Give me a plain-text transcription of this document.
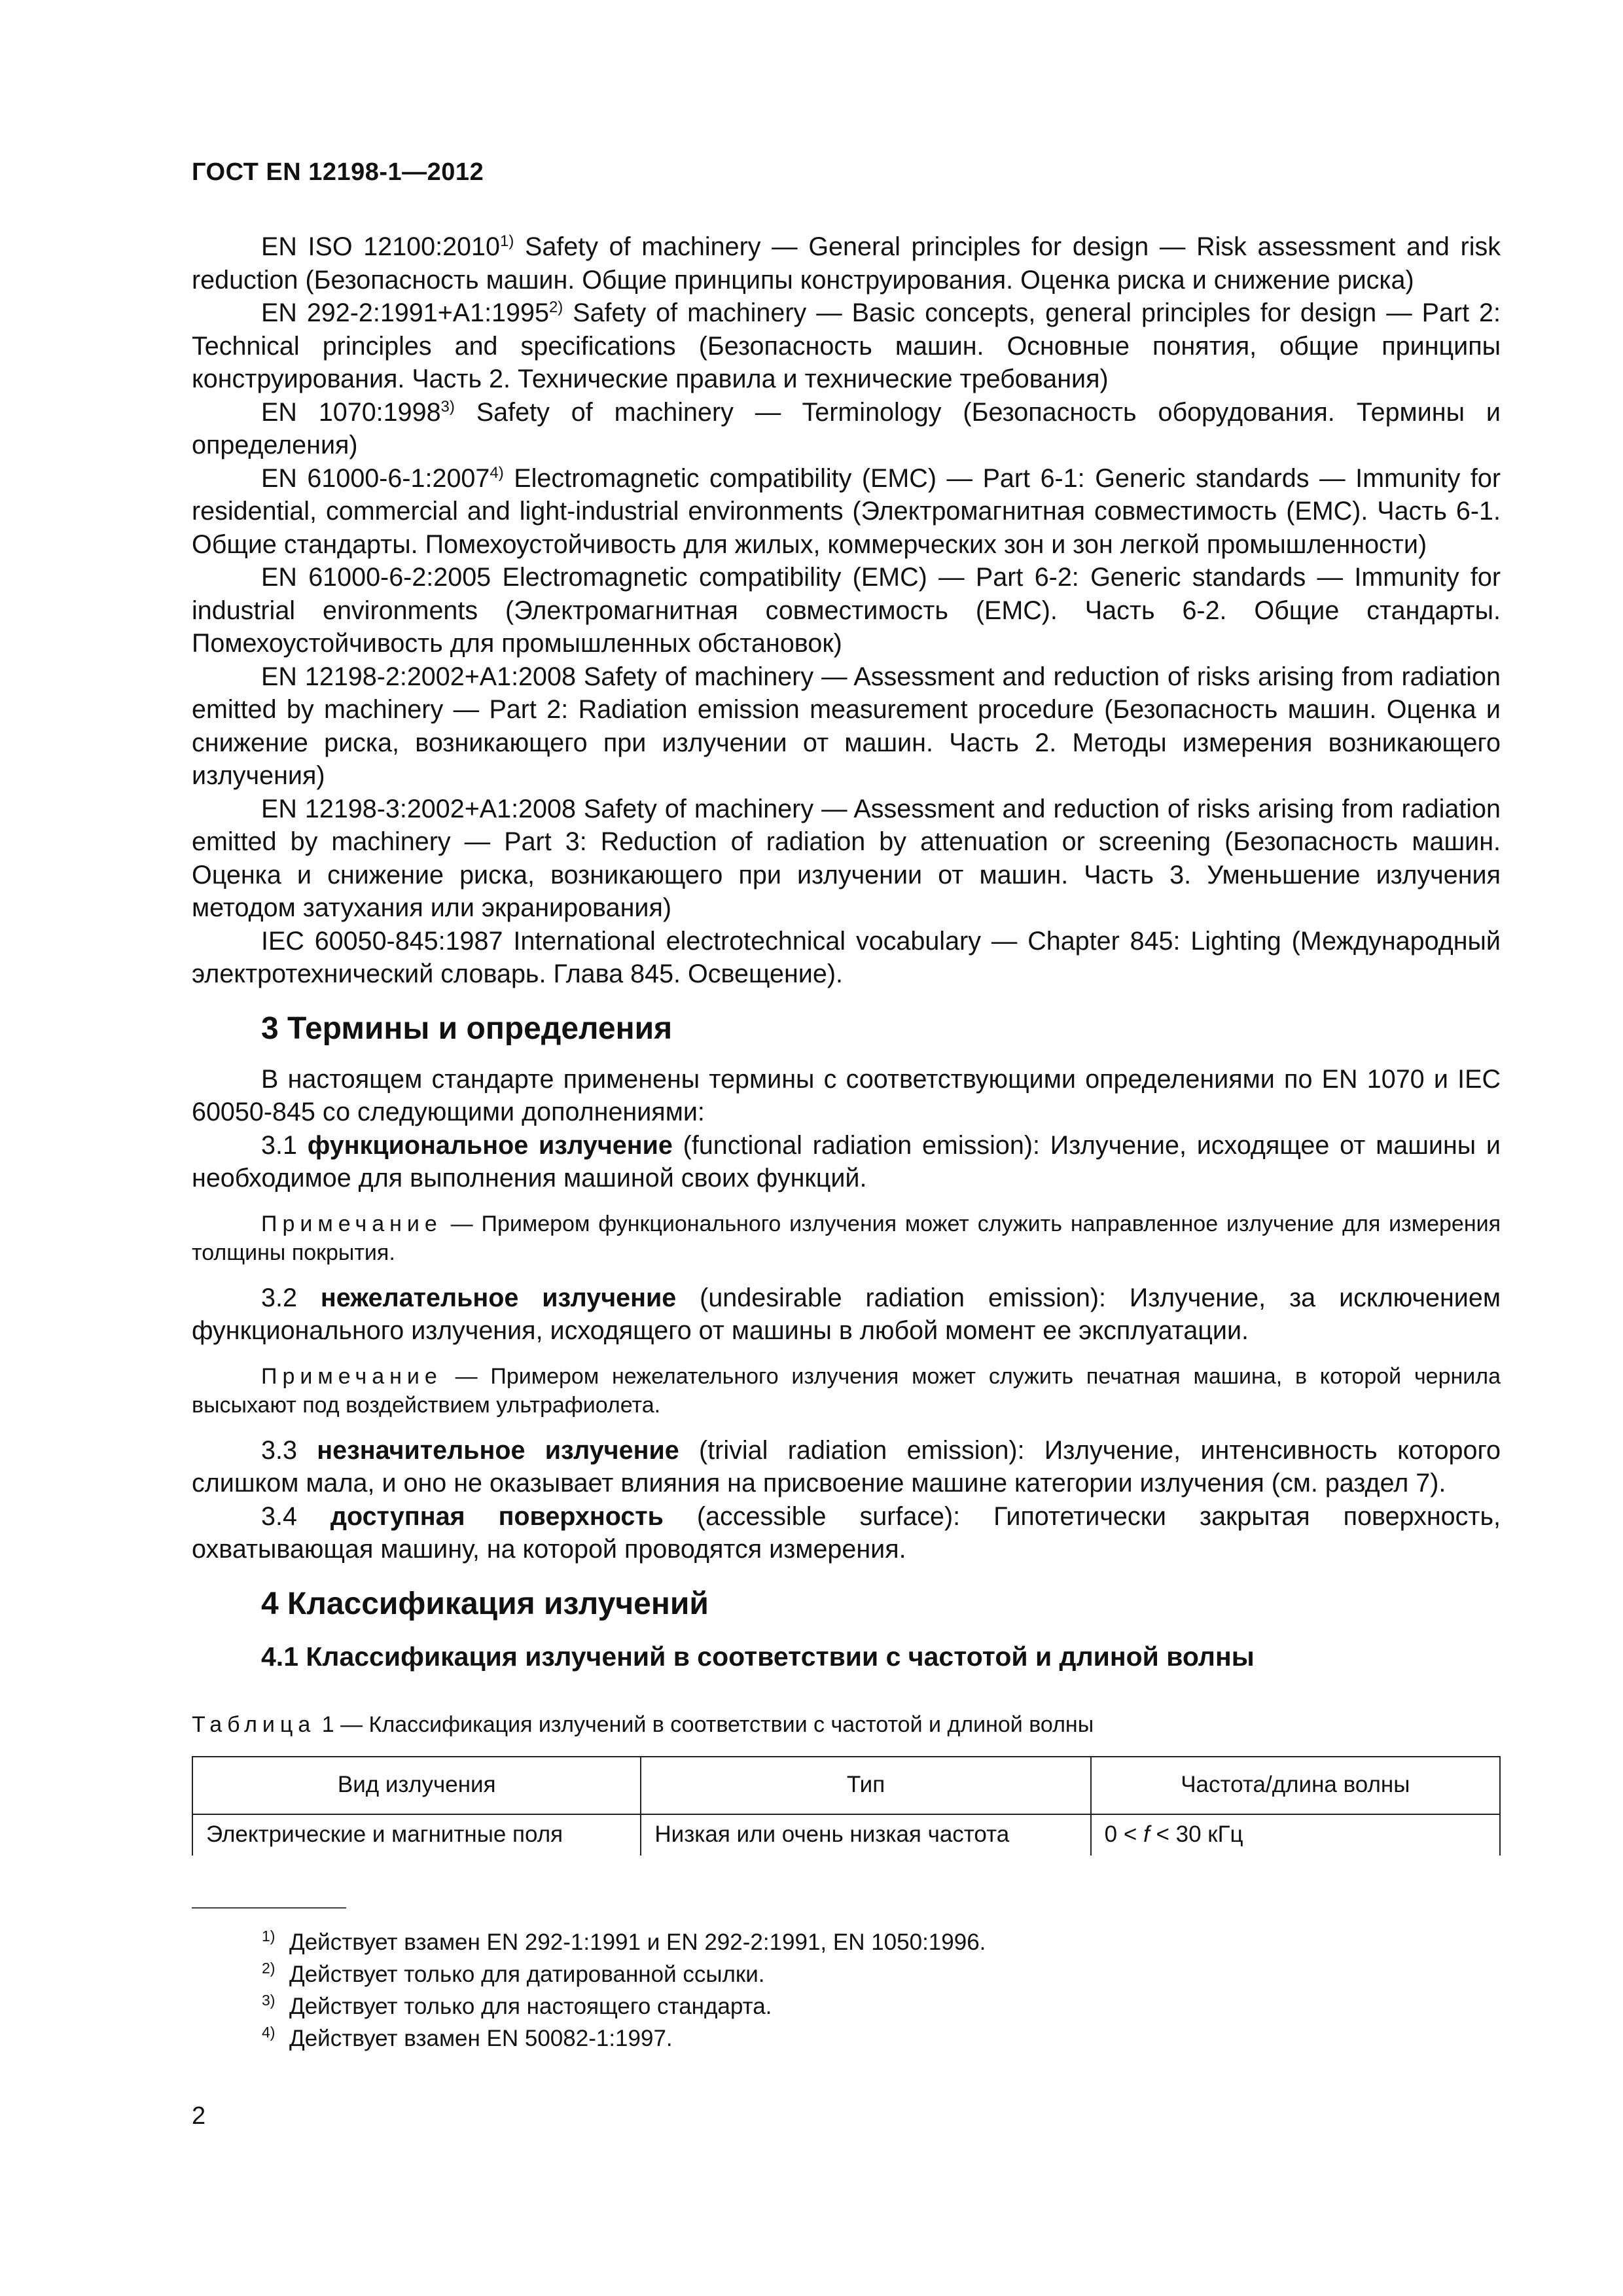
ГОСТ EN 12198-1—2012

EN ISO 12100:2010$^{1)}$ Safety of machinery — General principles for design — Risk assessment and risk reduction (Безопасность машин. Общие принципы конструирования. Оценка риска и снижение риска)

EN $292-2:1991+A1:1995^{2)}$ Safety of machinery — Basic concepts, general principles for design — Part 2: Technical principles and specifications (Безопасность машин. Основные понятия, общие принципы конструирования. Часть 2. Технические правила и технические требования)

EN 1070:1998$^{3)}$ Safety of machinery — Terminology (Безопасность оборудования. Термины и определения)

EN 61000-6-1:2007$^{4)}$ Electromagnetic compatibility (EMC) — Part 6-1: Generic standards — Immunity for residential, commercial and light-industrial environments (Электромагнитная совместимость (EMC). Часть 6-1. Общие стандарты. Помехоустойчивость для жилых, коммерческих зон и зон легкой промышленности)

EN 61000-6-2:2005 Electromagnetic compatibility (EMC) — Part 6-2: Generic standards — Immunity for industrial environments (Электромагнитная совместимость (EMC). Часть 6-2. Общие стандарты. Помехоустойчивость для промышленных обстановок)

EN 12198-2:2002+A1:2008 Safety of machinery — Assessment and reduction of risks arising from radiation emitted by machinery — Part 2: Radiation emission measurement procedure (Безопасность машин. Оценка и снижение риска, возникающего при излучении от машин. Часть 2. Методы измерения возникающего излучения)

EN 12198-3:2002+A1:2008 Safety of machinery — Assessment and reduction of risks arising from radiation emitted by machinery — Part 3: Reduction of radiation by attenuation or screening (Безопасность машин. Оценка и снижение риска, возникающего при излучении от машин. Часть 3. Уменьшение излучения методом затухания или экранирования)

IEC 60050-845:1987 International electrotechnical vocabulary — Chapter 845: Lighting (Международный электротехнический словарь. Глава 845. Освещение).

3 Термины и определения

В настоящем стандарте применены термины с соответствующими определениями по EN 1070 и IEC 60050-845 со следующими дополнениями:

3.1 функциональное излучение (functional radiation emission): Излучение, исходящее от машины и необходимое для выполнения машиной своих функций.

Примечание — Примером функционального излучения может служить направленное излучение для измерения толщины покрытия.

3.2 нежелательное излучение (undesirable radiation emission): Излучение, за исключением функционального излучения, исходящего от машины в любой момент ее эксплуатации.

Примечание — Примером нежелательного излучения может служить печатная машина, в которой чернила высыхают под воздействием ультрафиолета.

3.3 незначительное излучение (trivial radiation emission): Излучение, интенсивность которого слишком мала, и оно не оказывает влияния на присвоение машине категории излучения (см. раздел 7).

3.4 доступная поверхность (accessible surface): Гипотетически закрытая поверхность, охватывающая машину, на которой проводятся измерения.

4 Классификация излучений
4.1 Классификация излучений в соответствии с частотой и длиной волны
Таблица 1 — Классификация излучений в соответствии с частотой и длиной волны
Вид излучения	Тип	Частота/длина волны
Электрические и магнитные поля	Низкая или очень низкая частота	0 < f < 30 кГц
1) Действует взамен EN 292-1:1991 и EN 292-2:1991, EN 1050:1996.
2) Действует только для датированной ссылки.
3) Действует только для настоящего стандарта.
4) Действует взамен EN 50082-1:1997.
2
